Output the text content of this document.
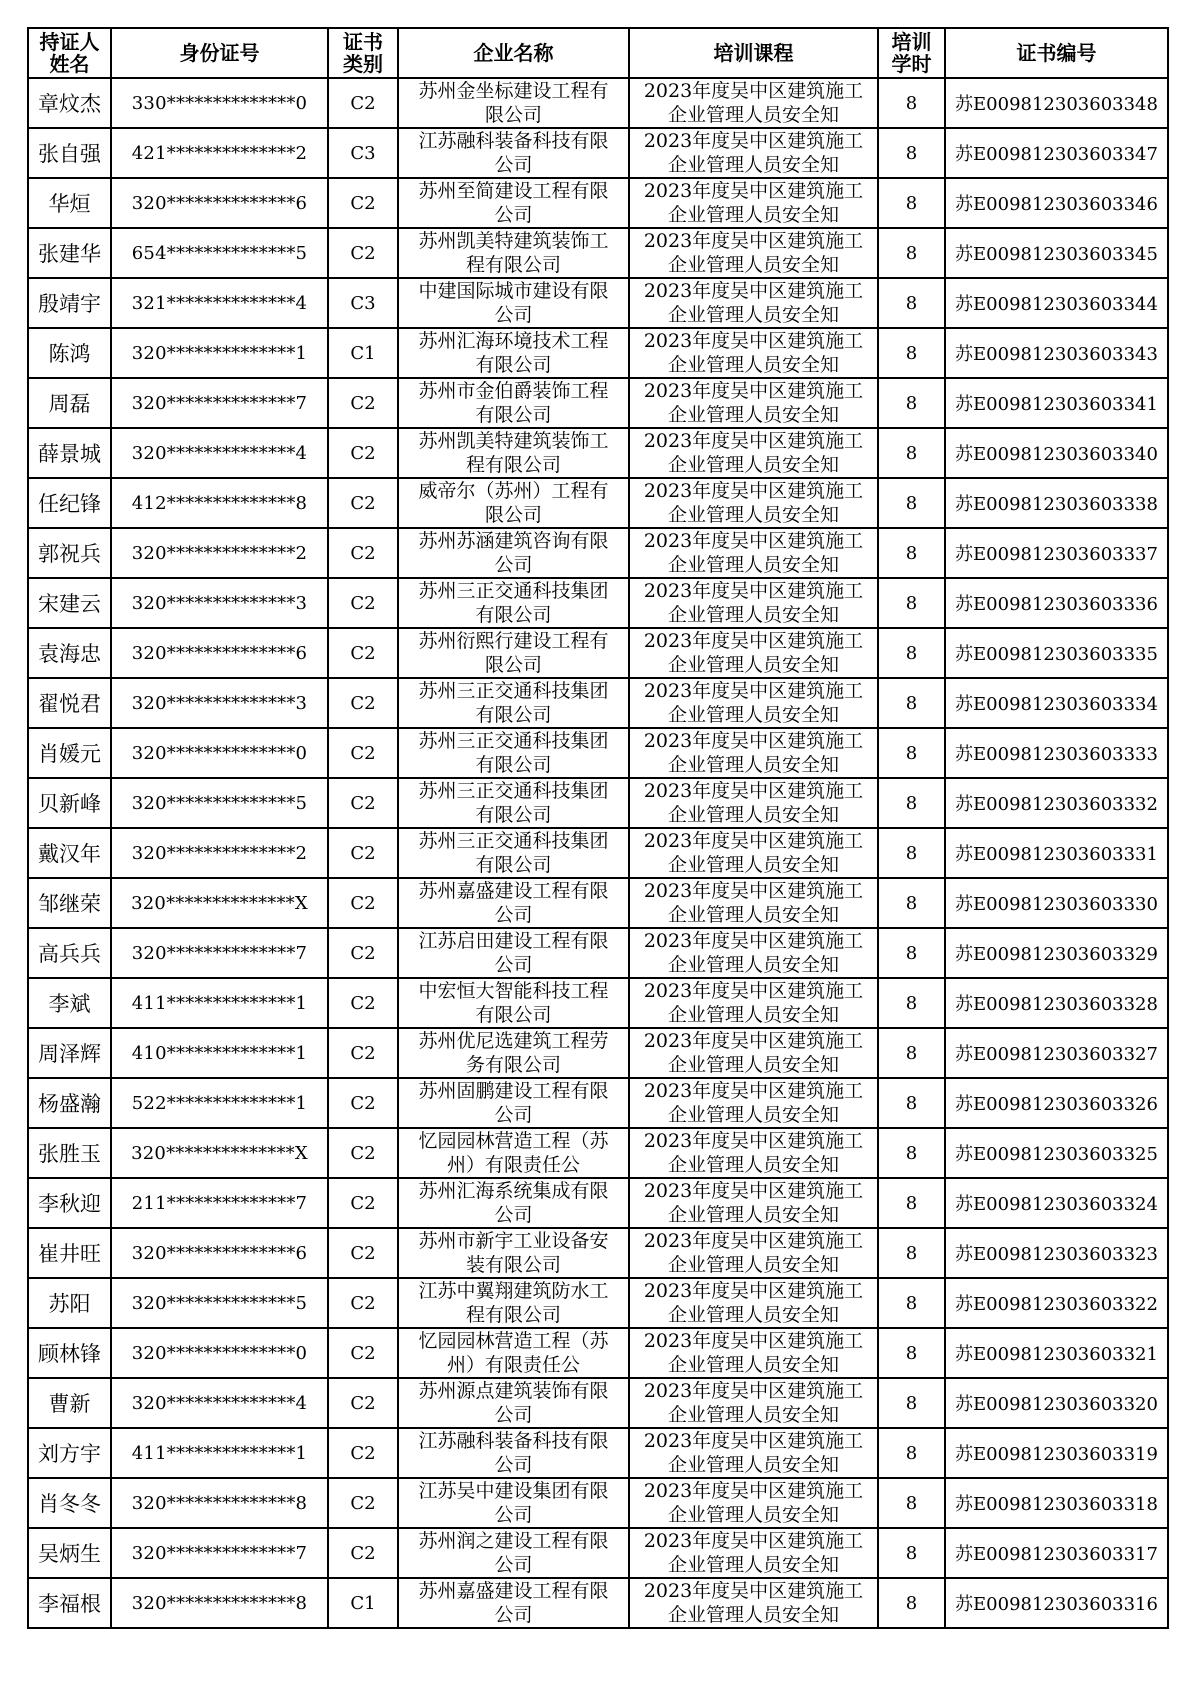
持证人姓名	身份证号	证书类别	企业名称	培训课程	培训学时	证书编号
章炆杰	330**************0	C2	苏州金坐标建设工程有限公司	2023年度吴中区建筑施工企业管理人员安全知	8	苏E009812303603348
张自强	421**************2	C3	江苏融科装备科技有限公司	2023年度吴中区建筑施工企业管理人员安全知	8	苏E009812303603347
华烜	320**************6	C2	苏州至简建设工程有限公司	2023年度吴中区建筑施工企业管理人员安全知	8	苏E009812303603346
张建华	654**************5	C2	苏州凯美特建筑装饰工程有限公司	2023年度吴中区建筑施工企业管理人员安全知	8	苏E009812303603345
殷靖宇	321**************4	C3	中建国际城市建设有限公司	2023年度吴中区建筑施工企业管理人员安全知	8	苏E009812303603344
陈鸿	320**************1	C1	苏州汇海环境技术工程有限公司	2023年度吴中区建筑施工企业管理人员安全知	8	苏E009812303603343
周磊	320**************7	C2	苏州市金伯爵装饰工程有限公司	2023年度吴中区建筑施工企业管理人员安全知	8	苏E009812303603341
薛景城	320**************4	C2	苏州凯美特建筑装饰工程有限公司	2023年度吴中区建筑施工企业管理人员安全知	8	苏E009812303603340
任纪锋	412**************8	C2	威帝尔（苏州）工程有限公司	2023年度吴中区建筑施工企业管理人员安全知	8	苏E009812303603338
郭祝兵	320**************2	C2	苏州苏涵建筑咨询有限公司	2023年度吴中区建筑施工企业管理人员安全知	8	苏E009812303603337
宋建云	320**************3	C2	苏州三正交通科技集团有限公司	2023年度吴中区建筑施工企业管理人员安全知	8	苏E009812303603336
袁海忠	320**************6	C2	苏州衍熙行建设工程有限公司	2023年度吴中区建筑施工企业管理人员安全知	8	苏E009812303603335
翟悦君	320**************3	C2	苏州三正交通科技集团有限公司	2023年度吴中区建筑施工企业管理人员安全知	8	苏E009812303603334
肖媛元	320**************0	C2	苏州三正交通科技集团有限公司	2023年度吴中区建筑施工企业管理人员安全知	8	苏E009812303603333
贝新峰	320**************5	C2	苏州三正交通科技集团有限公司	2023年度吴中区建筑施工企业管理人员安全知	8	苏E009812303603332
戴汉年	320**************2	C2	苏州三正交通科技集团有限公司	2023年度吴中区建筑施工企业管理人员安全知	8	苏E009812303603331
邹继荣	320**************X	C2	苏州嘉盛建设工程有限公司	2023年度吴中区建筑施工企业管理人员安全知	8	苏E009812303603330
高兵兵	320**************7	C2	江苏启田建设工程有限公司	2023年度吴中区建筑施工企业管理人员安全知	8	苏E009812303603329
李斌	411**************1	C2	中宏恒大智能科技工程有限公司	2023年度吴中区建筑施工企业管理人员安全知	8	苏E009812303603328
周泽辉	410**************1	C2	苏州优尼选建筑工程劳务有限公司	2023年度吴中区建筑施工企业管理人员安全知	8	苏E009812303603327
杨盛瀚	522**************1	C2	苏州固鹏建设工程有限公司	2023年度吴中区建筑施工企业管理人员安全知	8	苏E009812303603326
张胜玉	320**************X	C2	忆园园林营造工程（苏州）有限责任公	2023年度吴中区建筑施工企业管理人员安全知	8	苏E009812303603325
李秋迎	211**************7	C2	苏州汇海系统集成有限公司	2023年度吴中区建筑施工企业管理人员安全知	8	苏E009812303603324
崔井旺	320**************6	C2	苏州市新宇工业设备安装有限公司	2023年度吴中区建筑施工企业管理人员安全知	8	苏E009812303603323
苏阳	320**************5	C2	江苏中翼翔建筑防水工程有限公司	2023年度吴中区建筑施工企业管理人员安全知	8	苏E009812303603322
顾林锋	320**************0	C2	忆园园林营造工程（苏州）有限责任公	2023年度吴中区建筑施工企业管理人员安全知	8	苏E009812303603321
曹新	320**************4	C2	苏州源点建筑装饰有限公司	2023年度吴中区建筑施工企业管理人员安全知	8	苏E009812303603320
刘方宇	411**************1	C2	江苏融科装备科技有限公司	2023年度吴中区建筑施工企业管理人员安全知	8	苏E009812303603319
肖冬冬	320**************8	C2	江苏吴中建设集团有限公司	2023年度吴中区建筑施工企业管理人员安全知	8	苏E009812303603318
吴炳生	320**************7	C2	苏州润之建设工程有限公司	2023年度吴中区建筑施工企业管理人员安全知	8	苏E009812303603317
李福根	320**************8	C1	苏州嘉盛建设工程有限公司	2023年度吴中区建筑施工企业管理人员安全知	8	苏E009812303603316
